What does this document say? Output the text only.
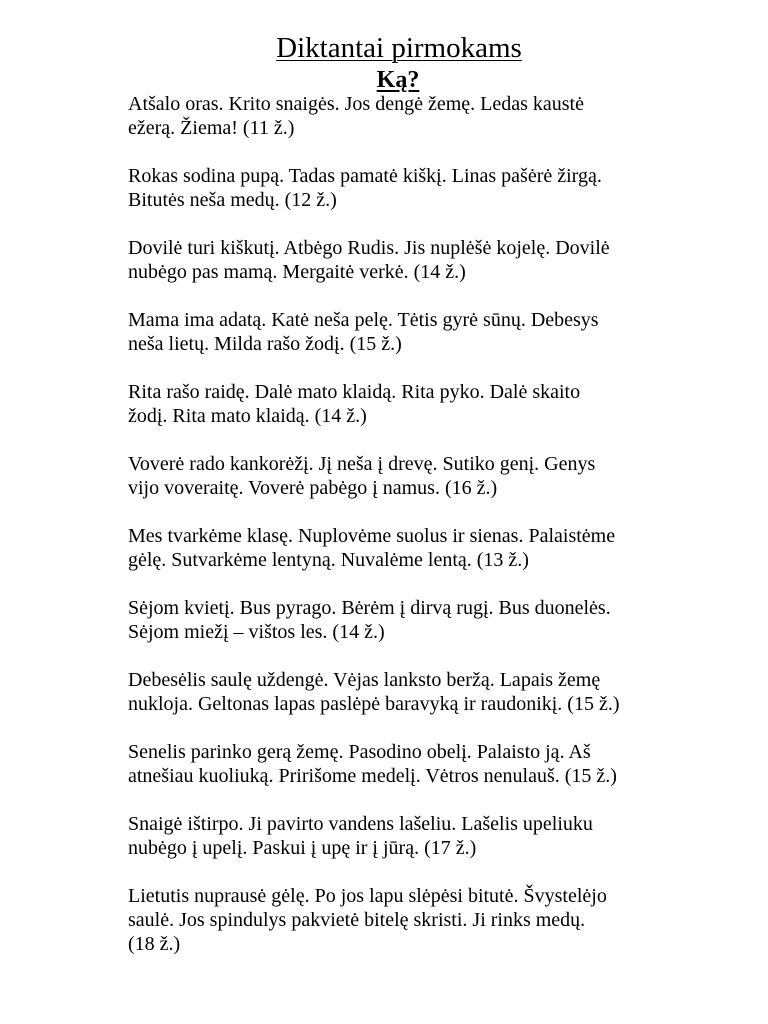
Diktantai pirmokams
Ką?

Atšalo oras. Krito snaigės. Jos dengė žemę. Ledas kaustė
ežerą. Žiema! (11 ž.)

Rokas sodina pupą. Tadas pamatė kiškį. Linas pašėrė žirgą.
Bitutės neša medų. (12 ž.)

Dovilė turi kiškutį. Atbėgo Rudis. Jis nuplėšė kojelę. Dovilė
nubėgo pas mamą. Mergaitė verkė. (14 ž.)

Mama ima adatą. Katė neša pelę. Tėtis gyrė sūnų. Debesys
neša lietų. Milda rašo žodį. (15 ž.)

Rita rašo raidę. Dalė mato klaidą. Rita pyko. Dalė skaito
žodį. Rita mato klaidą. (14 ž.)

Voverė rado kankorėžį. Jį neša į drevę. Sutiko genį. Genys
vijo voveraitę. Voverė pabėgo į namus. (16 ž.)

Mes tvarkėme klasę. Nuplovėme suolus ir sienas. Palaistėme
gėlę. Sutvarkėme lentyną. Nuvalėme lentą. (13 ž.)

Sėjom kvietį. Bus pyrago. Bėrėm į dirvą rugį. Bus duonelės.
Sėjom miežį – vištos les. (14 ž.)

Debesėlis saulę uždengė. Vėjas lanksto beržą. Lapais žemę
nukloja. Geltonas lapas paslėpė baravyką ir raudonikį. (15 ž.)

Senelis parinko gerą žemę. Pasodino obelį. Palaisto ją. Aš
atnešiau kuoliuką. Pririšome medelį. Vėtros nenulauš. (15 ž.)

Snaigė ištirpo. Ji pavirto vandens lašeliu. Lašelis upeliuku
nubėgo į upelį. Paskui į upę ir į jūrą. (17 ž.)

Lietutis nuprausė gėlę. Po jos lapu slėpėsi bitutė. Švystelėjo
saulė. Jos spindulys pakvietė bitelę skristi. Ji rinks medų.
(18 ž.)
